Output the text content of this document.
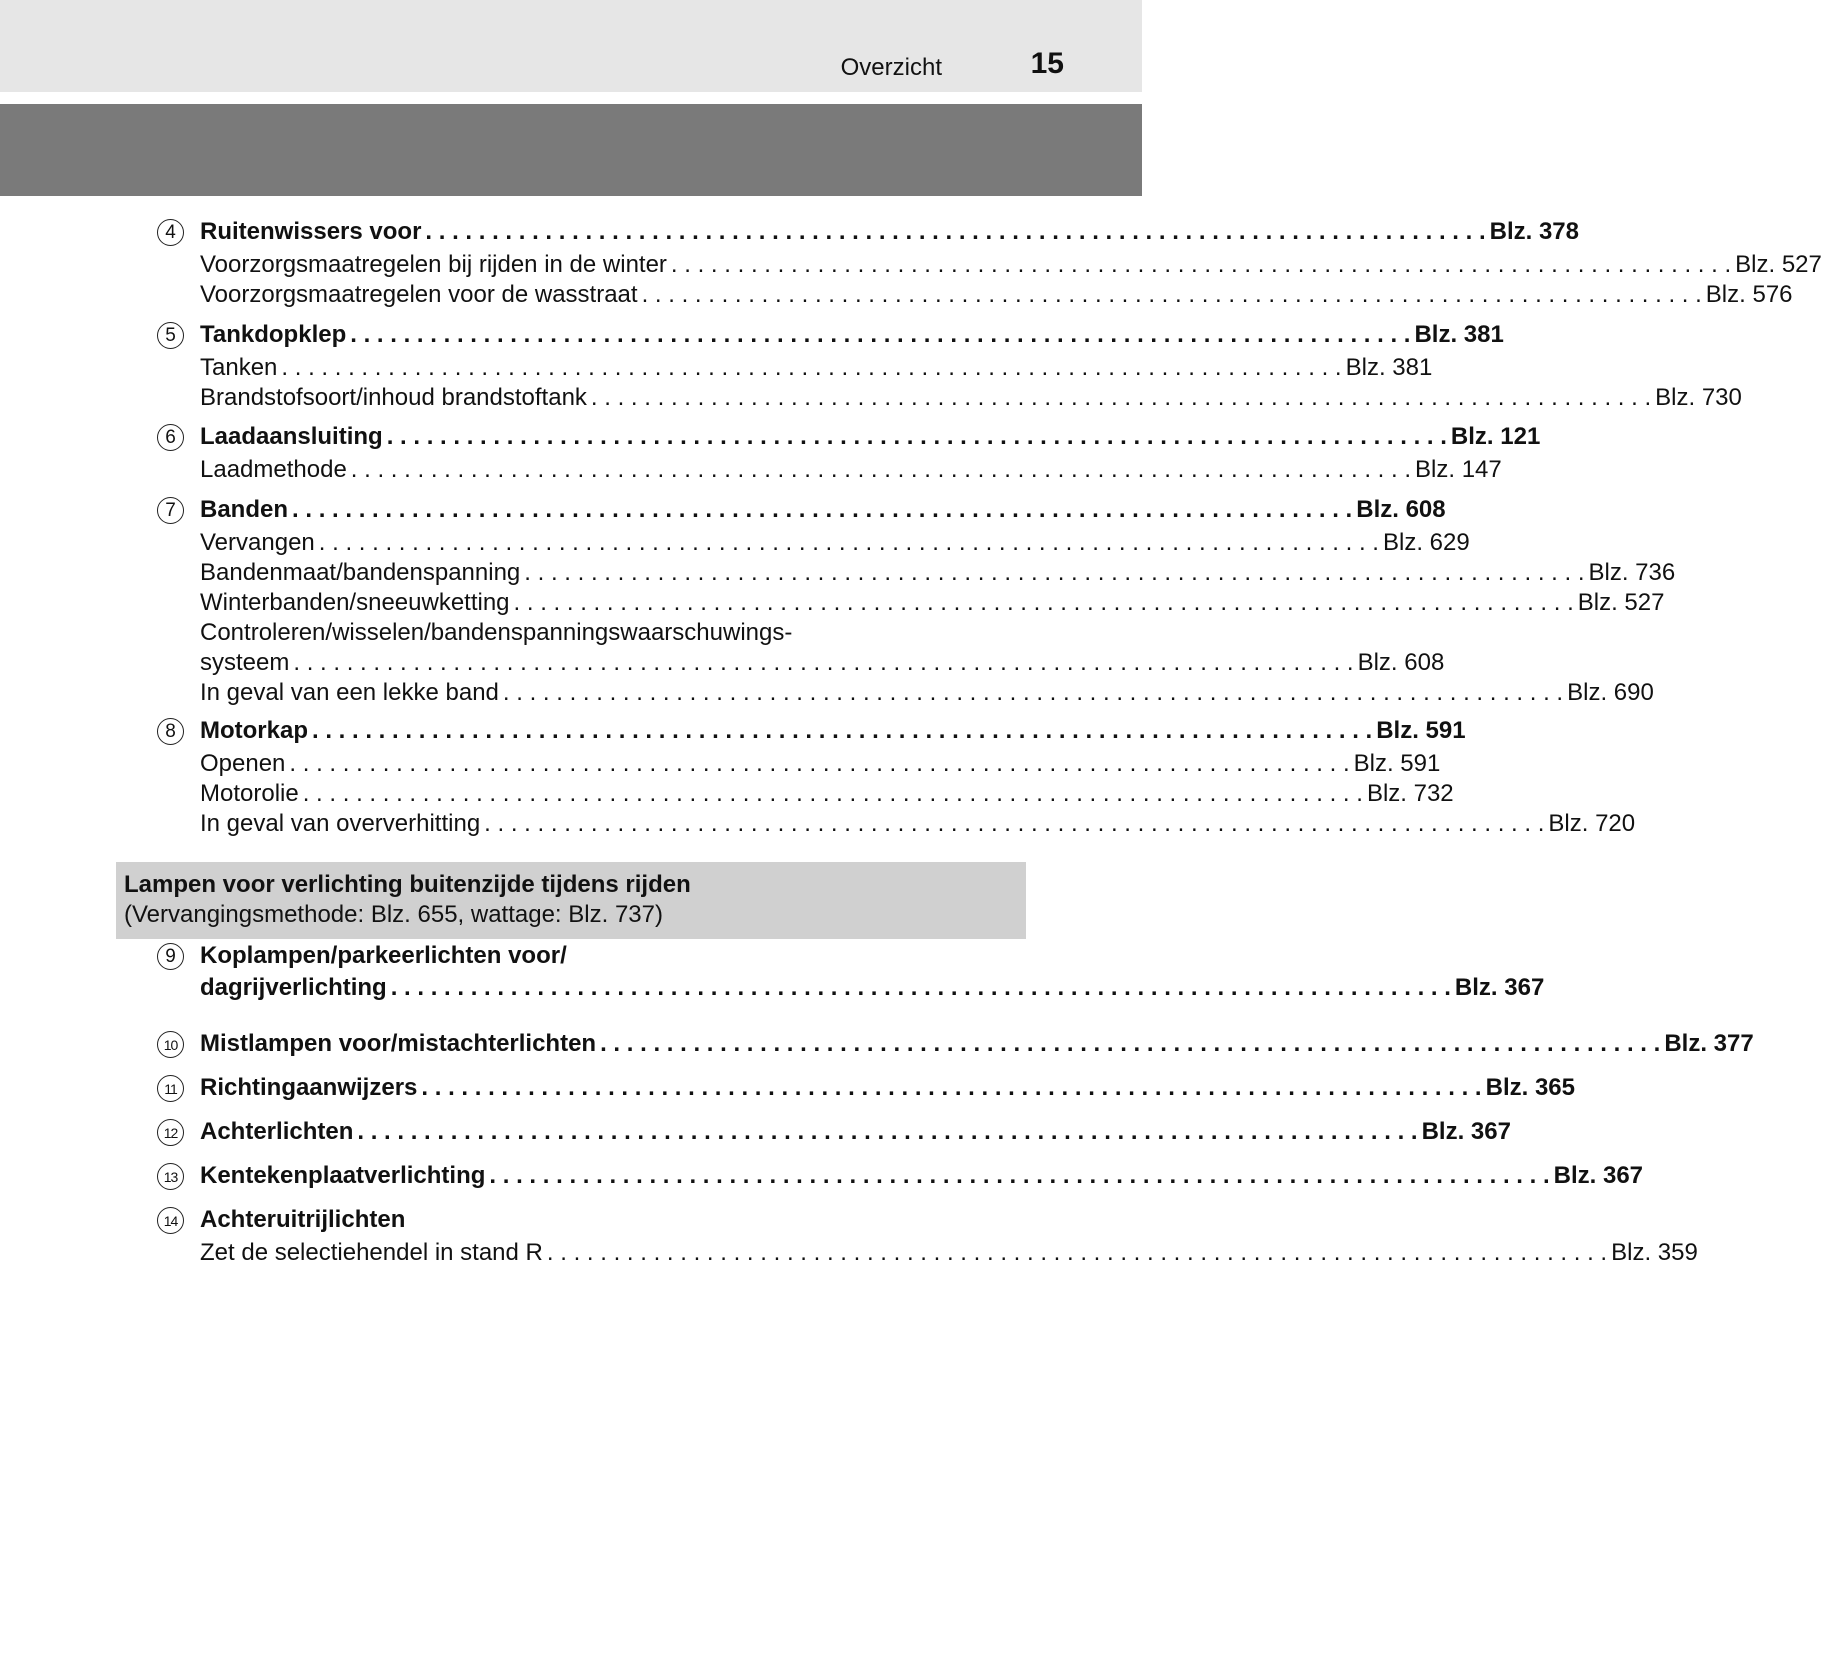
Overzicht	15
Lampen voor verlichting buitenzijde tijdens rijden
(Vervangingsmethode: Blz. 655, wattage: Blz. 737)
4	Ruitenwissers voor . . . . . . . . . . . . . . . . . . . . . . . . . . . . . . . . . . . . . . . . . . . . . . . . . . . . . . . . . . . . . . . . . . . . . . . . . . . . . . . . Blz. 378
Voorzorgsmaatregelen bij rijden in de winter . . . . . . . . . . . . . . . . . . . . . . . . . . . . . . . . . . . . . . . . . . . . . . . . . . . . . . . . . . . . . . . . . . . . . . . . . . . . . . . . Blz. 527
Voorzorgsmaatregelen voor de wasstraat . . . . . . . . . . . . . . . . . . . . . . . . . . . . . . . . . . . . . . . . . . . . . . . . . . . . . . . . . . . . . . . . . . . . . . . . . . . . . . . . Blz. 576
5	Tankdopklep . . . . . . . . . . . . . . . . . . . . . . . . . . . . . . . . . . . . . . . . . . . . . . . . . . . . . . . . . . . . . . . . . . . . . . . . . . . . . . . . Blz. 381
Tanken . . . . . . . . . . . . . . . . . . . . . . . . . . . . . . . . . . . . . . . . . . . . . . . . . . . . . . . . . . . . . . . . . . . . . . . . . . . . . . . . Blz. 381
Brandstofsoort/inhoud brandstoftank . . . . . . . . . . . . . . . . . . . . . . . . . . . . . . . . . . . . . . . . . . . . . . . . . . . . . . . . . . . . . . . . . . . . . . . . . . . . . . . . Blz. 730
6	Laadaansluiting . . . . . . . . . . . . . . . . . . . . . . . . . . . . . . . . . . . . . . . . . . . . . . . . . . . . . . . . . . . . . . . . . . . . . . . . . . . . . . . . Blz. 121
Laadmethode . . . . . . . . . . . . . . . . . . . . . . . . . . . . . . . . . . . . . . . . . . . . . . . . . . . . . . . . . . . . . . . . . . . . . . . . . . . . . . . . Blz. 147
7	Banden . . . . . . . . . . . . . . . . . . . . . . . . . . . . . . . . . . . . . . . . . . . . . . . . . . . . . . . . . . . . . . . . . . . . . . . . . . . . . . . . Blz. 608
Vervangen . . . . . . . . . . . . . . . . . . . . . . . . . . . . . . . . . . . . . . . . . . . . . . . . . . . . . . . . . . . . . . . . . . . . . . . . . . . . . . . . Blz. 629
Bandenmaat/bandenspanning . . . . . . . . . . . . . . . . . . . . . . . . . . . . . . . . . . . . . . . . . . . . . . . . . . . . . . . . . . . . . . . . . . . . . . . . . . . . . . . . Blz. 736
Winterbanden/sneeuwketting . . . . . . . . . . . . . . . . . . . . . . . . . . . . . . . . . . . . . . . . . . . . . . . . . . . . . . . . . . . . . . . . . . . . . . . . . . . . . . . . Blz. 527
Controleren/wisselen/bandenspanningswaarschuwings-
systeem . . . . . . . . . . . . . . . . . . . . . . . . . . . . . . . . . . . . . . . . . . . . . . . . . . . . . . . . . . . . . . . . . . . . . . . . . . . . . . . . Blz. 608
In geval van een lekke band . . . . . . . . . . . . . . . . . . . . . . . . . . . . . . . . . . . . . . . . . . . . . . . . . . . . . . . . . . . . . . . . . . . . . . . . . . . . . . . . Blz. 690
8	Motorkap . . . . . . . . . . . . . . . . . . . . . . . . . . . . . . . . . . . . . . . . . . . . . . . . . . . . . . . . . . . . . . . . . . . . . . . . . . . . . . . . Blz. 591
Openen . . . . . . . . . . . . . . . . . . . . . . . . . . . . . . . . . . . . . . . . . . . . . . . . . . . . . . . . . . . . . . . . . . . . . . . . . . . . . . . . Blz. 591
Motorolie . . . . . . . . . . . . . . . . . . . . . . . . . . . . . . . . . . . . . . . . . . . . . . . . . . . . . . . . . . . . . . . . . . . . . . . . . . . . . . . . Blz. 732
In geval van oververhitting . . . . . . . . . . . . . . . . . . . . . . . . . . . . . . . . . . . . . . . . . . . . . . . . . . . . . . . . . . . . . . . . . . . . . . . . . . . . . . . . Blz. 720
9	Koplampen/parkeerlichten voor/
dagrijverlichting . . . . . . . . . . . . . . . . . . . . . . . . . . . . . . . . . . . . . . . . . . . . . . . . . . . . . . . . . . . . . . . . . . . . . . . . . . . . . . . . Blz. 367
10 Mistlampen voor/mistachterlichten . . . . . . . . . . . . . . . . . . . . . . . . . . . . . . . . . . . . . . . . . . . . . . . . . . . . . . . . . . . . . . . . . . . . . . . . . . . . . . . . Blz. 377
11 Richtingaanwijzers . . . . . . . . . . . . . . . . . . . . . . . . . . . . . . . . . . . . . . . . . . . . . . . . . . . . . . . . . . . . . . . . . . . . . . . . . . . . . . . . Blz. 365
12 Achterlichten . . . . . . . . . . . . . . . . . . . . . . . . . . . . . . . . . . . . . . . . . . . . . . . . . . . . . . . . . . . . . . . . . . . . . . . . . . . . . . . . Blz. 367
13 Kentekenplaatverlichting . . . . . . . . . . . . . . . . . . . . . . . . . . . . . . . . . . . . . . . . . . . . . . . . . . . . . . . . . . . . . . . . . . . . . . . . . . . . . . . . Blz. 367
14 Achteruitrijlichten
Zet de selectiehendel in stand R . . . . . . . . . . . . . . . . . . . . . . . . . . . . . . . . . . . . . . . . . . . . . . . . . . . . . . . . . . . . . . . . . . . . . . . . . . . . . . . . Blz. 359
